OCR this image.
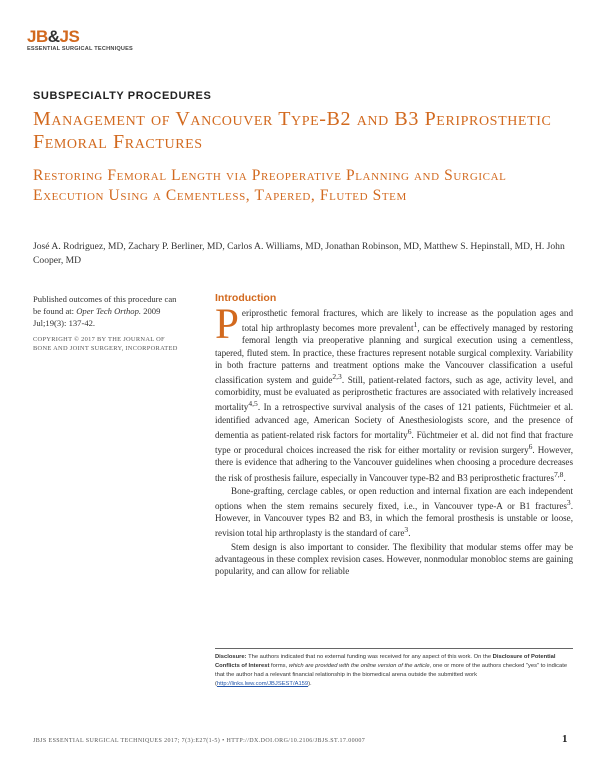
JB&JS
ESSENTIAL SURGICAL TECHNIQUES
SUBSPECIALTY PROCEDURES
Management of Vancouver Type-B2 and B3 Periprosthetic Femoral Fractures
Restoring Femoral Length via Preoperative Planning and Surgical Execution Using a Cementless, Tapered, Fluted Stem
José A. Rodriguez, MD, Zachary P. Berliner, MD, Carlos A. Williams, MD, Jonathan Robinson, MD, Matthew S. Hepinstall, MD, H. John Cooper, MD
Published outcomes of this procedure can be found at: Oper Tech Orthop. 2009 Jul;19(3): 137-42.
COPYRIGHT © 2017 BY THE JOURNAL OF BONE AND JOINT SURGERY, INCORPORATED
Introduction

Periprosthetic femoral fractures, which are likely to increase as the population ages and total hip arthroplasty becomes more prevalent$^1$, can be effectively managed by restoring femoral length via preoperative planning and surgical execution using a cementless, tapered, fluted stem. In practice, these fractures represent notable surgical complexity. Variability in both fracture patterns and treatment options make the Vancouver classification a useful classification system and guide$^{2,3}$. Still, patient-related factors, such as age, activity level, and comorbidity, must be evaluated as periprosthetic fractures are associated with relatively increased mortality$^{4,5}$. In a retrospective survival analysis of the cases of 121 patients, Füchtmeier et al. identified advanced age, American Society of Anesthesiologists score, and the presence of dementia as patient-related risk factors for mortality$^6$. Füchtmeier et al. did not find that fracture type or procedural choices increased the risk for either mortality or revision surgery$^6$. However, there is evidence that adhering to the Vancouver guidelines when choosing a procedure decreases the risk of prosthesis failure, especially in Vancouver type-B2 and B3 periprosthetic fractures$^{7,8}$.

Bone-grafting, cerclage cables, or open reduction and internal fixation are each independent options when the stem remains securely fixed, i.e., in Vancouver type-A or B1 fractures$^3$. However, in Vancouver types B2 and B3, in which the femoral prosthesis is unstable or loose, revision total hip arthroplasty is the standard of care$^3$.

Stem design is also important to consider. The flexibility that modular stems offer may be advantageous in these complex revision cases. However, nonmodular monobloc stems are gaining popularity, and can allow for reliable

Disclosure: The authors indicated that no external funding was received for any aspect of this work. On the Disclosure of Potential Conflicts of Interest forms, which are provided with the online version of the article, one or more of the authors checked "yes" to indicate that the author had a relevant financial relationship in the biomedical arena outside the submitted work (http://links.lww.com/JBJSEST/A159).
JBJS ESSENTIAL SURGICAL TECHNIQUES 2017; 7(3):E27(1-5) • HTTP://DX.DOI.ORG/10.2106/JBJS.ST.17.00007	1
